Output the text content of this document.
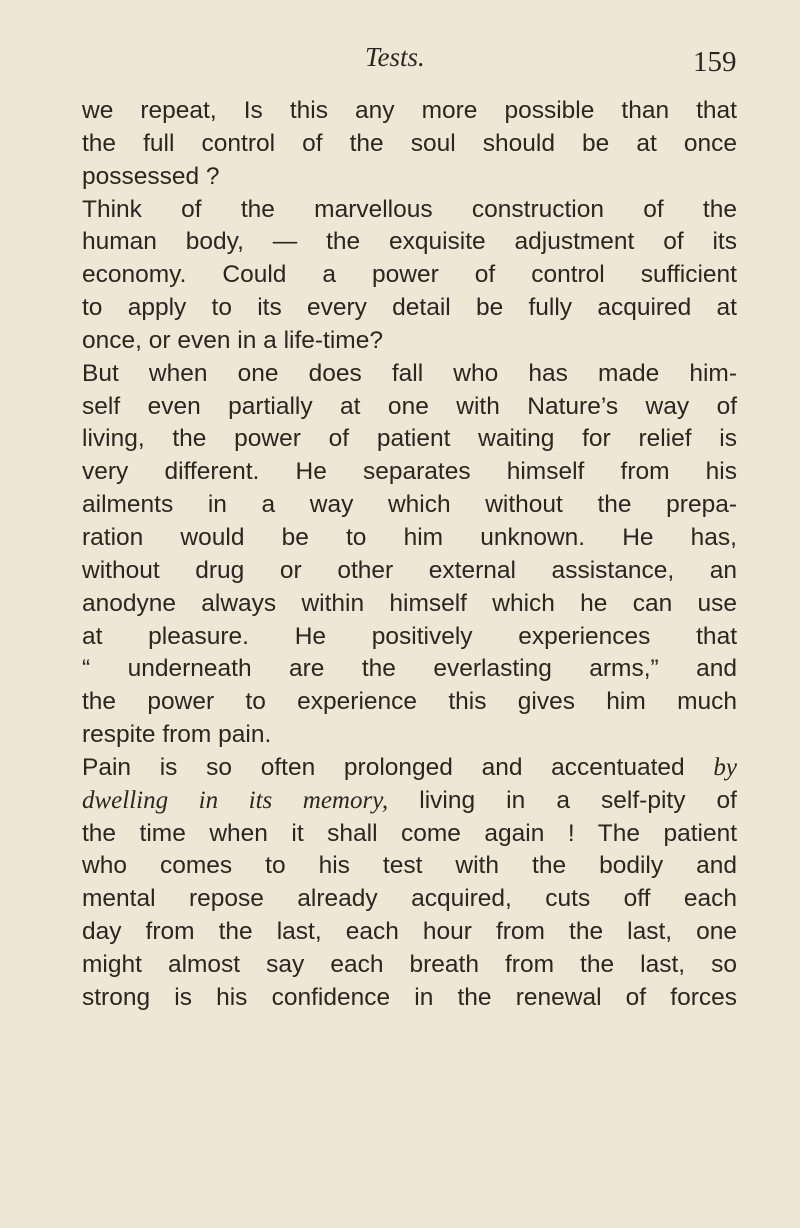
Tests.	159
we repeat, Is this any more possible than that
the full control of the soul should be at once
possessed ?
Think of the marvellous construction of the
human body, — the exquisite adjustment of its
economy. Could a power of control sufficient
to apply to its every detail be fully acquired at
once, or even in a life-time?
But when one does fall who has made him-
self even partially at one with Nature’s way of
living, the power of patient waiting for relief is
very different. He separates himself from his
ailments in a way which without the prepa-
ration would be to him unknown. He has,
without drug or other external assistance, an
anodyne always within himself which he can use
at pleasure. He positively experiences that
“ underneath are the everlasting arms,” and
the power to experience this gives him much
respite from pain.
Pain is so often prolonged and accentuated by
dwelling in its memory, living in a self-pity of
the time when it shall come again ! The patient
who comes to his test with the bodily and
mental repose already acquired, cuts off each
day from the last, each hour from the last, one
might almost say each breath from the last, so
strong is his confidence in the renewal of forces
